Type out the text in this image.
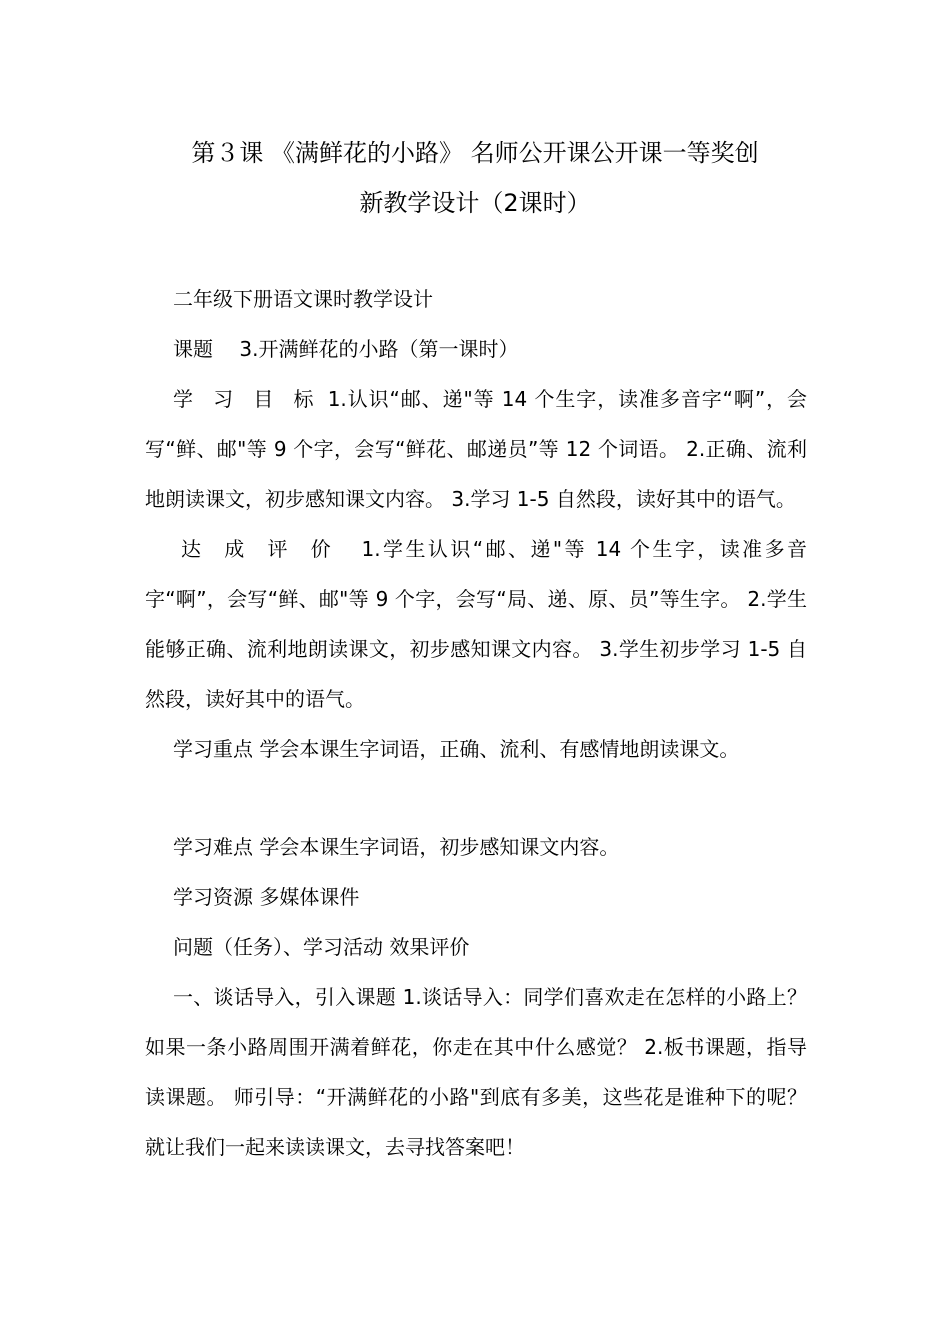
第３课 《满鲜花的小路》 名师公开课公开课一等奖创
新教学设计（2课时）

二年级下册语文课时教学设计

课题　 3.开满鲜花的小路（第一课时）

学 习 目 标 1.认识“邮、递"等 14 个生字，读准多音字“啊”，会写“鲜、邮"等 9 个字，会写“鲜花、邮递员”等 12 个词语。 2.正确、流利地朗读课文，初步感知课文内容。 3.学习 1-5 自然段，读好其中的语气。

达 成 评 价　1.学生认识“邮、递"等 14 个生字，读准多音字“啊”，会写“鲜、邮"等 9 个字，会写“局、递、原、员”等生字。 2.学生能够正确、流利地朗读课文，初步感知课文内容。 3.学生初步学习 1-5 自然段，读好其中的语气。

学习重点 学会本课生字词语，正确、流利、有感情地朗读课文。

学习难点 学会本课生字词语，初步感知课文内容。

学习资源 多媒体课件

问题（任务）、学习活动 效果评价

一、谈话导入，引入课题 1.谈话导入：同学们喜欢走在怎样的小路上？如果一条小路周围开满着鲜花，你走在其中什么感觉？ 2.板书课题，指导读课题。 师引导：“开满鲜花的小路"到底有多美，这些花是谁种下的呢？就让我们一起来读读课文，去寻找答案吧！
